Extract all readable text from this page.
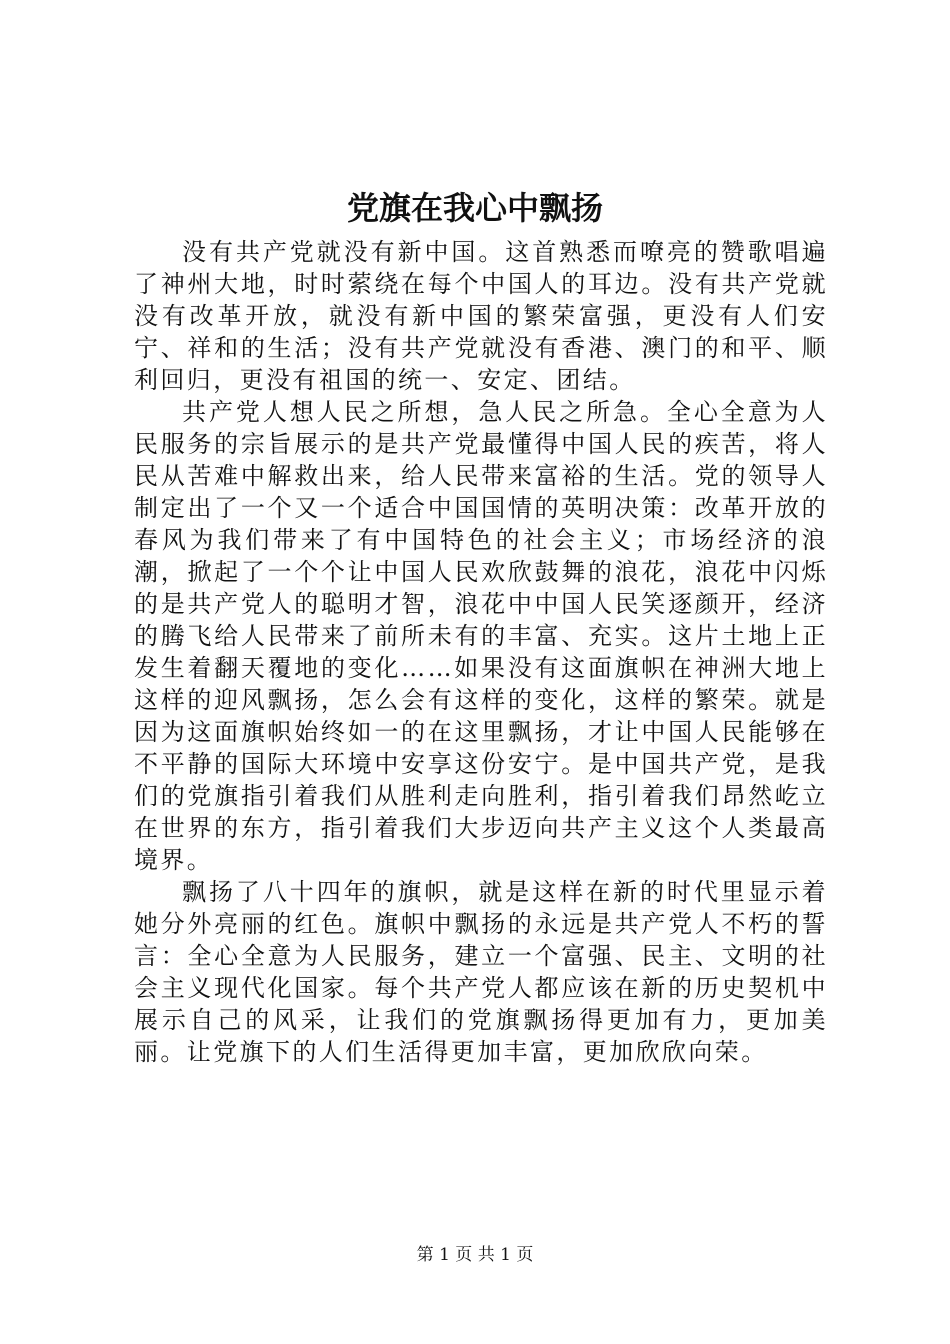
党旗在我心中飘扬

没有共产党就没有新中国。这首熟悉而嘹亮的赞歌唱遍了神州大地，时时萦绕在每个中国人的耳边。没有共产党就没有改革开放，就没有新中国的繁荣富强，更没有人们安宁、祥和的生活；没有共产党就没有香港、澳门的和平、顺利回归，更没有祖国的统一、安定、团结。

共产党人想人民之所想，急人民之所急。全心全意为人民服务的宗旨展示的是共产党最懂得中国人民的疾苦，将人民从苦难中解救出来，给人民带来富裕的生活。党的领导人制定出了一个又一个适合中国国情的英明决策：改革开放的春风为我们带来了有中国特色的社会主义；市场经济的浪潮，掀起了一个个让中国人民欢欣鼓舞的浪花，浪花中闪烁的是共产党人的聪明才智，浪花中中国人民笑逐颜开，经济的腾飞给人民带来了前所未有的丰富、充实。这片土地上正发生着翻天覆地的变化……如果没有这面旗帜在神洲大地上这样的迎风飘扬，怎么会有这样的变化，这样的繁荣。就是因为这面旗帜始终如一的在这里飘扬，才让中国人民能够在不平静的国际大环境中安享这份安宁。是中国共产党，是我们的党旗指引着我们从胜利走向胜利，指引着我们昂然屹立在世界的东方，指引着我们大步迈向共产主义这个人类最高境界。

飘扬了八十四年的旗帜，就是这样在新的时代里显示着她分外亮丽的红色。旗帜中飘扬的永远是共产党人不朽的誓言：全心全意为人民服务，建立一个富强、民主、文明的社会主义现代化国家。每个共产党人都应该在新的历史契机中展示自己的风采，让我们的党旗飘扬得更加有力，更加美丽。让党旗下的人们生活得更加丰富，更加欣欣向荣。

第 1 页 共 1 页
